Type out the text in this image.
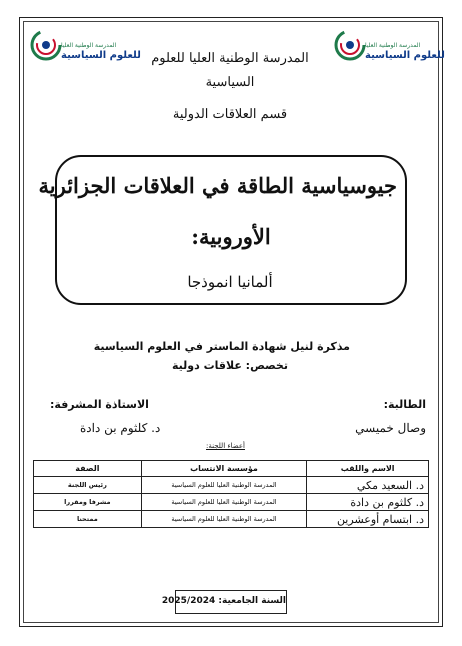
المدرسة الوطنية العليا
للعلوم السياسية
المدرسة الوطنية العليا
للعلوم السياسية
المدرسة الوطنية العليا للعلوم
السياسية
قسم العلاقات الدولية
جيوسياسية الطاقة في العلاقات الجزائرية
الأوروبية:
ألمانيا انموذجا
مذكرة لنيل شهادة الماستر في العلوم السياسية
تخصص: علاقات دولية
الطالبة:
وصال خميسي
الاستاذة المشرفة:
د. كلثوم بن دادة
أعضاء اللجنة:
الاسم واللقب	مؤسسة الانتساب	الصفة
د. السعيد مكي	المدرسة الوطنية العليا للعلوم السياسية	رئيس اللجنة
د. كلثوم بن دادة	المدرسة الوطنية العليا للعلوم السياسية	مشرفا ومقررا
د. ابتسام أوعشرين	المدرسة الوطنية العليا للعلوم السياسية	ممتحنا
السنة الجامعية: 2025/2024
